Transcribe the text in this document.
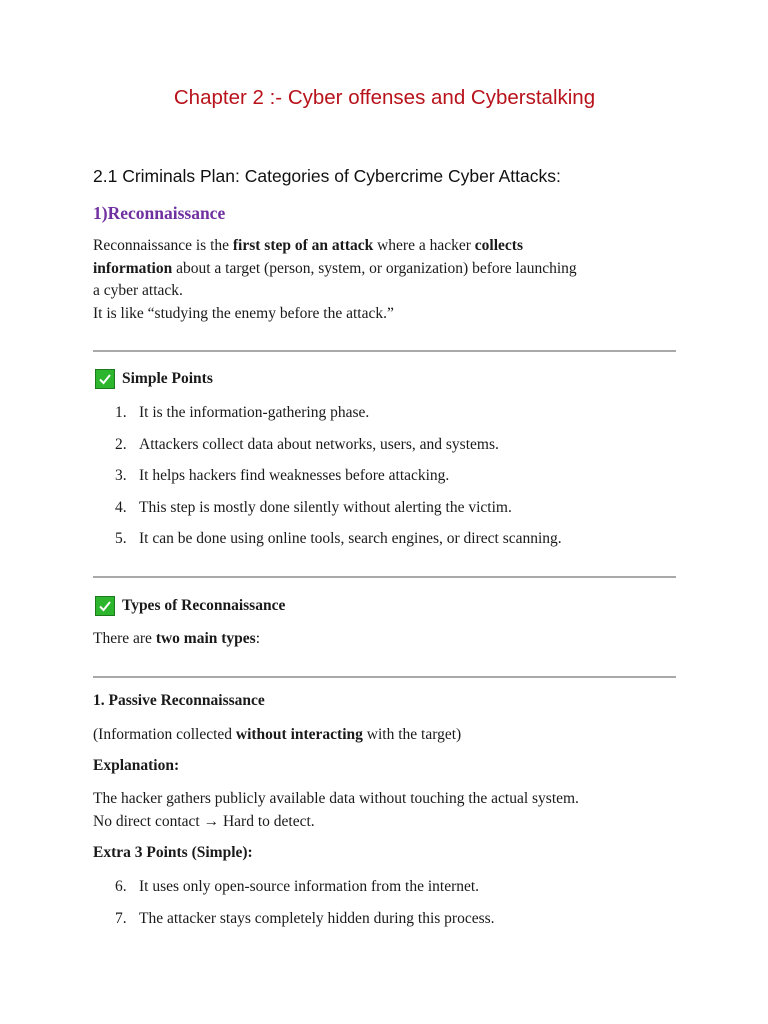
Chapter 2 :- Cyber offenses and Cyberstalking
2.1 Criminals Plan: Categories of Cybercrime Cyber Attacks:
1)Reconnaissance

Reconnaissance is the first step of an attack where a hacker collects
information about a target (person, system, or organization) before launching
a cyber attack.
It is like “studying the enemy before the attack.”

Simple Points
1. It is the information-gathering phase.
2. Attackers collect data about networks, users, and systems.
3. It helps hackers find weaknesses before attacking.
4. This step is mostly done silently without alerting the victim.
5. It can be done using online tools, search engines, or direct scanning.
Types of Reconnaissance

There are two main types:

1. Passive Reconnaissance

(Information collected without interacting with the target)

Explanation:

The hacker gathers publicly available data without touching the actual system.
No direct contact → Hard to detect.

Extra 3 Points (Simple):
6. It uses only open-source information from the internet.
7. The attacker stays completely hidden during this process.
